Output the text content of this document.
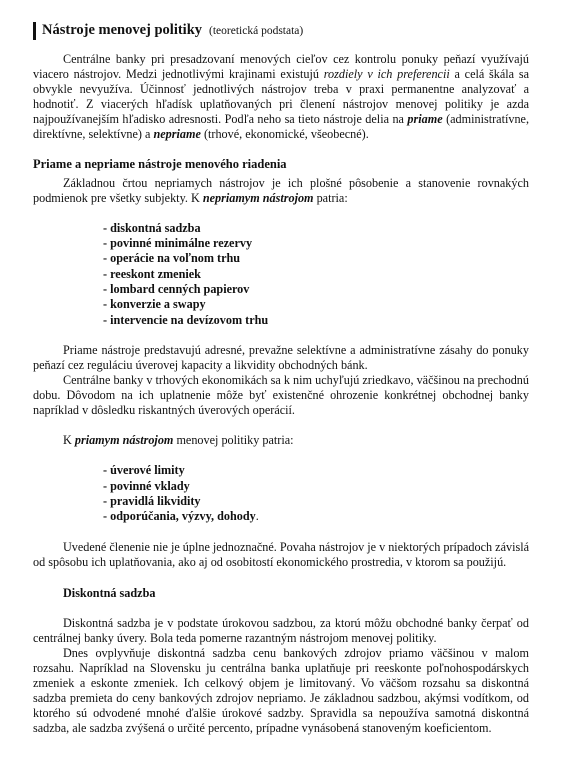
Nástroje menovej politiky (teoretická podstata)

Centrálne banky pri presadzovaní menových cieľov cez kontrolu ponuky peňazí využívajú viacero nástrojov. Medzi jednotlivými krajinami existujú rozdiely v ich preferencii a celá škála sa obvykle nevyužíva. Účinnosť jednotlivých nástrojov treba v praxi permanentne analyzovať a hodnotiť. Z viacerých hľadísk uplatňovaných pri členení nástrojov menovej politiky je azda najpoužívanejším hľadisko adresnosti. Podľa neho sa tieto nástroje delia na priame (administratívne, direktívne, selektívne) a nepriame (trhové, ekonomické, všeobecné).

Priame a nepriame nástroje menového riadenia

Základnou črtou nepriamych nástrojov je ich plošné pôsobenie a stanovenie rovnakých podmienok pre všetky subjekty. K nepriamym nástrojom patria:

- diskontná sadzba
- povinné minimálne rezervy
- operácie na voľnom trhu
- reeskont zmeniek
- lombard cenných papierov
- konverzie a swapy
- intervencie na devízovom trhu

Priame nástroje predstavujú adresné, prevažne selektívne a administratívne zásahy do ponuky peňazí cez reguláciu úverovej kapacity a likvidity obchodných bánk.

Centrálne banky v trhových ekonomikách sa k nim uchyľujú zriedkavo, väčšinou na prechodnú dobu. Dôvodom na ich uplatnenie môže byť existenčné ohrozenie konkrétnej obchodnej banky napríklad v dôsledku riskantných úverových operácií.

K priamym nástrojom menovej politiky patria:

- úverové limity
- povinné vklady
- pravidlá likvidity
- odporúčania, výzvy, dohody.

Uvedené členenie nie je úplne jednoznačné. Povaha nástrojov je v niektorých prípadoch závislá od spôsobu ich uplatňovania, ako aj od osobitostí ekonomického prostredia, v ktorom sa použijú.

Diskontná sadzba

Diskontná sadzba je v podstate úrokovou sadzbou, za ktorú môžu obchodné banky čerpať od centrálnej banky úvery. Bola teda pomerne razantným nástrojom menovej politiky.

Dnes ovplyvňuje diskontná sadzba cenu bankových zdrojov priamo väčšinou v malom rozsahu. Napríklad na Slovensku ju centrálna banka uplatňuje pri reeskonte poľnohospodárskych zmeniek a eskonte zmeniek. Ich celkový objem je limitovaný. Vo väčšom rozsahu sa diskontná sadzba premieta do ceny bankových zdrojov nepriamo. Je základnou sadzbou, akýmsi vodítkom, od ktorého sú odvodené mnohé ďalšie úrokové sadzby. Spravidla sa nepoužíva samotná diskontná sadzba, ale sadzba zvýšená o určité percento, prípadne vynásobená stanoveným koeficientom.
